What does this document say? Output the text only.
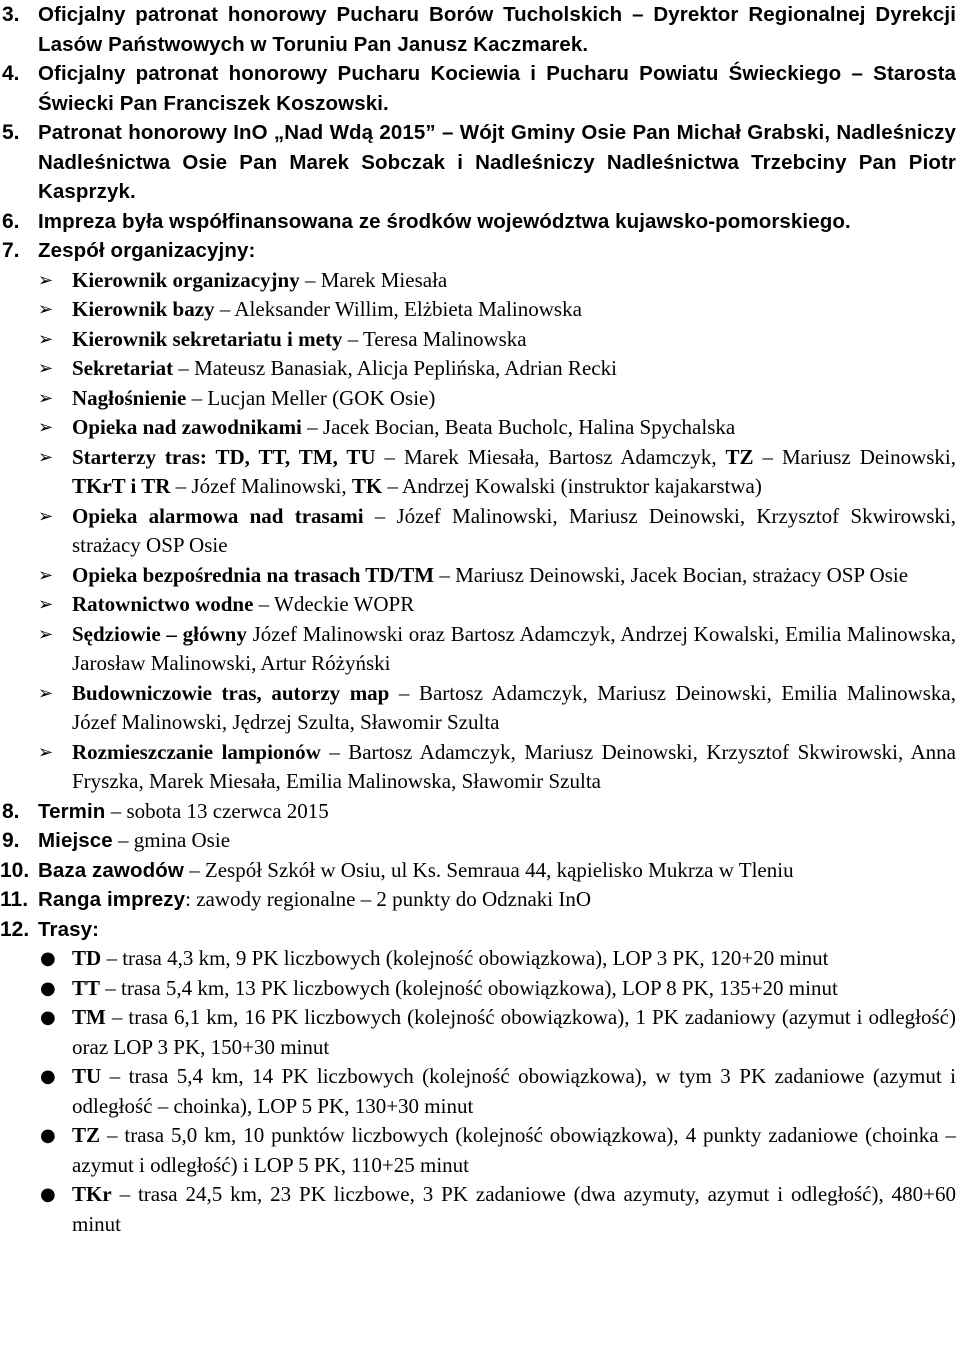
3. Oficjalny patronat honorowy Pucharu Borów Tucholskich – Dyrektor Regionalnej Dyrekcji Lasów Państwowych w Toruniu Pan Janusz Kaczmarek.
4. Oficjalny patronat honorowy Pucharu Kociewia i Pucharu Powiatu Świeckiego – Starosta Świecki Pan Franciszek Koszowski.
5. Patronat honorowy InO „Nad Wdą 2015” – Wójt Gminy Osie Pan Michał Grabski, Nadleśniczy Nadleśnictwa Osie Pan Marek Sobczak i Nadleśniczy Nadleśnictwa Trzebciny Pan Piotr Kasprzyk.
6. Impreza była współfinansowana ze środków województwa kujawsko-pomorskiego.
7. Zespół organizacyjny:
➢ Kierownik organizacyjny – Marek Miesała
➢ Kierownik bazy – Aleksander Willim, Elżbieta Malinowska
➢ Kierownik sekretariatu i mety – Teresa Malinowska
➢ Sekretariat – Mateusz Banasiak, Alicja Peplińska, Adrian Recki
➢ Nagłośnienie – Lucjan Meller (GOK Osie)
➢ Opieka nad zawodnikami – Jacek Bocian, Beata Bucholc, Halina Spychalska
➢ Starterzy tras: TD, TT, TM, TU – Marek Miesała, Bartosz Adamczyk, TZ – Mariusz Deinowski, TKrT i TR – Józef Malinowski, TK – Andrzej Kowalski (instruktor kajakarstwa)
➢ Opieka alarmowa nad trasami – Józef Malinowski, Mariusz Deinowski, Krzysztof Skwirowski, strażacy OSP Osie
➢ Opieka bezpośrednia na trasach TD/TM – Mariusz Deinowski, Jacek Bocian, strażacy OSP Osie
➢ Ratownictwo wodne – Wdeckie WOPR
➢ Sędziowie – główny Józef Malinowski oraz Bartosz Adamczyk, Andrzej Kowalski, Emilia Malinowska, Jarosław Malinowski, Artur Różyński
➢ Budowniczowie tras, autorzy map – Bartosz Adamczyk, Mariusz Deinowski, Emilia Malinowska, Józef Malinowski, Jędrzej Szulta, Sławomir Szulta
➢ Rozmieszczanie lampionów – Bartosz Adamczyk, Mariusz Deinowski, Krzysztof Skwirowski, Anna Fryszka, Marek Miesała, Emilia Malinowska, Sławomir Szulta
8. Termin – sobota 13 czerwca 2015
9. Miejsce – gmina Osie
10. Baza zawodów – Zespół Szkół w Osiu, ul Ks. Semraua 44, kąpielisko Mukrza w Tleniu
11. Ranga imprezy: zawody regionalne – 2 punkty do Odznaki InO
12. Trasy:
● TD – trasa 4,3 km, 9 PK liczbowych (kolejność obowiązkowa), LOP 3 PK, 120+20 minut
● TT – trasa 5,4 km, 13 PK liczbowych (kolejność obowiązkowa), LOP 8 PK, 135+20 minut
● TM – trasa 6,1 km, 16 PK liczbowych (kolejność obowiązkowa), 1 PK zadaniowy (azymut i odległość) oraz LOP 3 PK, 150+30 minut
● TU – trasa 5,4 km, 14 PK liczbowych (kolejność obowiązkowa), w tym 3 PK zadaniowe (azymut i odległość – choinka), LOP 5 PK, 130+30 minut
● TZ – trasa 5,0 km, 10 punktów liczbowych (kolejność obowiązkowa), 4 punkty zadaniowe (choinka – azymut i odległość) i LOP 5 PK, 110+25 minut
● TKr – trasa 24,5 km, 23 PK liczbowe, 3 PK zadaniowe (dwa azymuty, azymut i odległość), 480+60 minut
